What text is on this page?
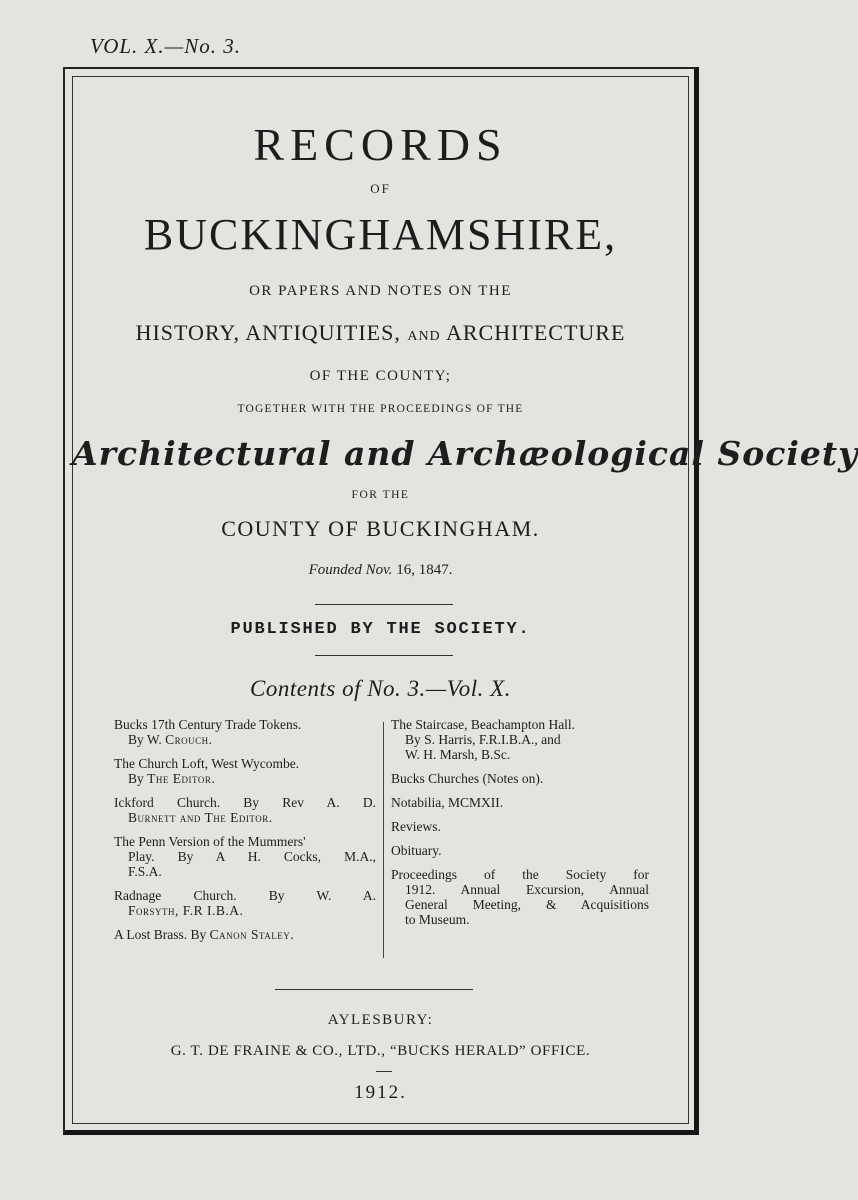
VOL. X.—No. 3.
RECORDS
OF
BUCKINGHAMSHIRE,
OR PAPERS AND NOTES ON THE
HISTORY, ANTIQUITIES, AND ARCHITECTURE
OF THE COUNTY;
TOGETHER WITH THE PROCEEDINGS OF THE
Architectural and Archæological Society
FOR THE
COUNTY OF BUCKINGHAM.
Founded Nov. 16, 1847.
PUBLISHED BY THE SOCIETY.
Contents of No. 3.—Vol. X.
Bucks 17th Century Trade Tokens.
By W. Crouch.
The Church Loft, West Wycombe.
By The Editor.
Ickford Church. By Rev A. D.
Burnett and The Editor.
The Penn Version of the Mummers'
Play. By A H. Cocks, M.A.,
F.S.A.
Radnage Church. By W. A.
Forsyth, F.R I.B.A.
A Lost Brass. By Canon Staley.
The Staircase, Beachampton Hall.
By S. Harris, F.R.I.B.A., and
W. H. Marsh, B.Sc.
Bucks Churches (Notes on).
Notabilia, MCMXII.
Reviews.
Obituary.
Proceedings of the Society for
1912. Annual Excursion, Annual
General Meeting, & Acquisitions
to Museum.
AYLESBURY:
G. T. DE FRAINE & CO., LTD., “BUCKS HERALD” OFFICE.
1912.
